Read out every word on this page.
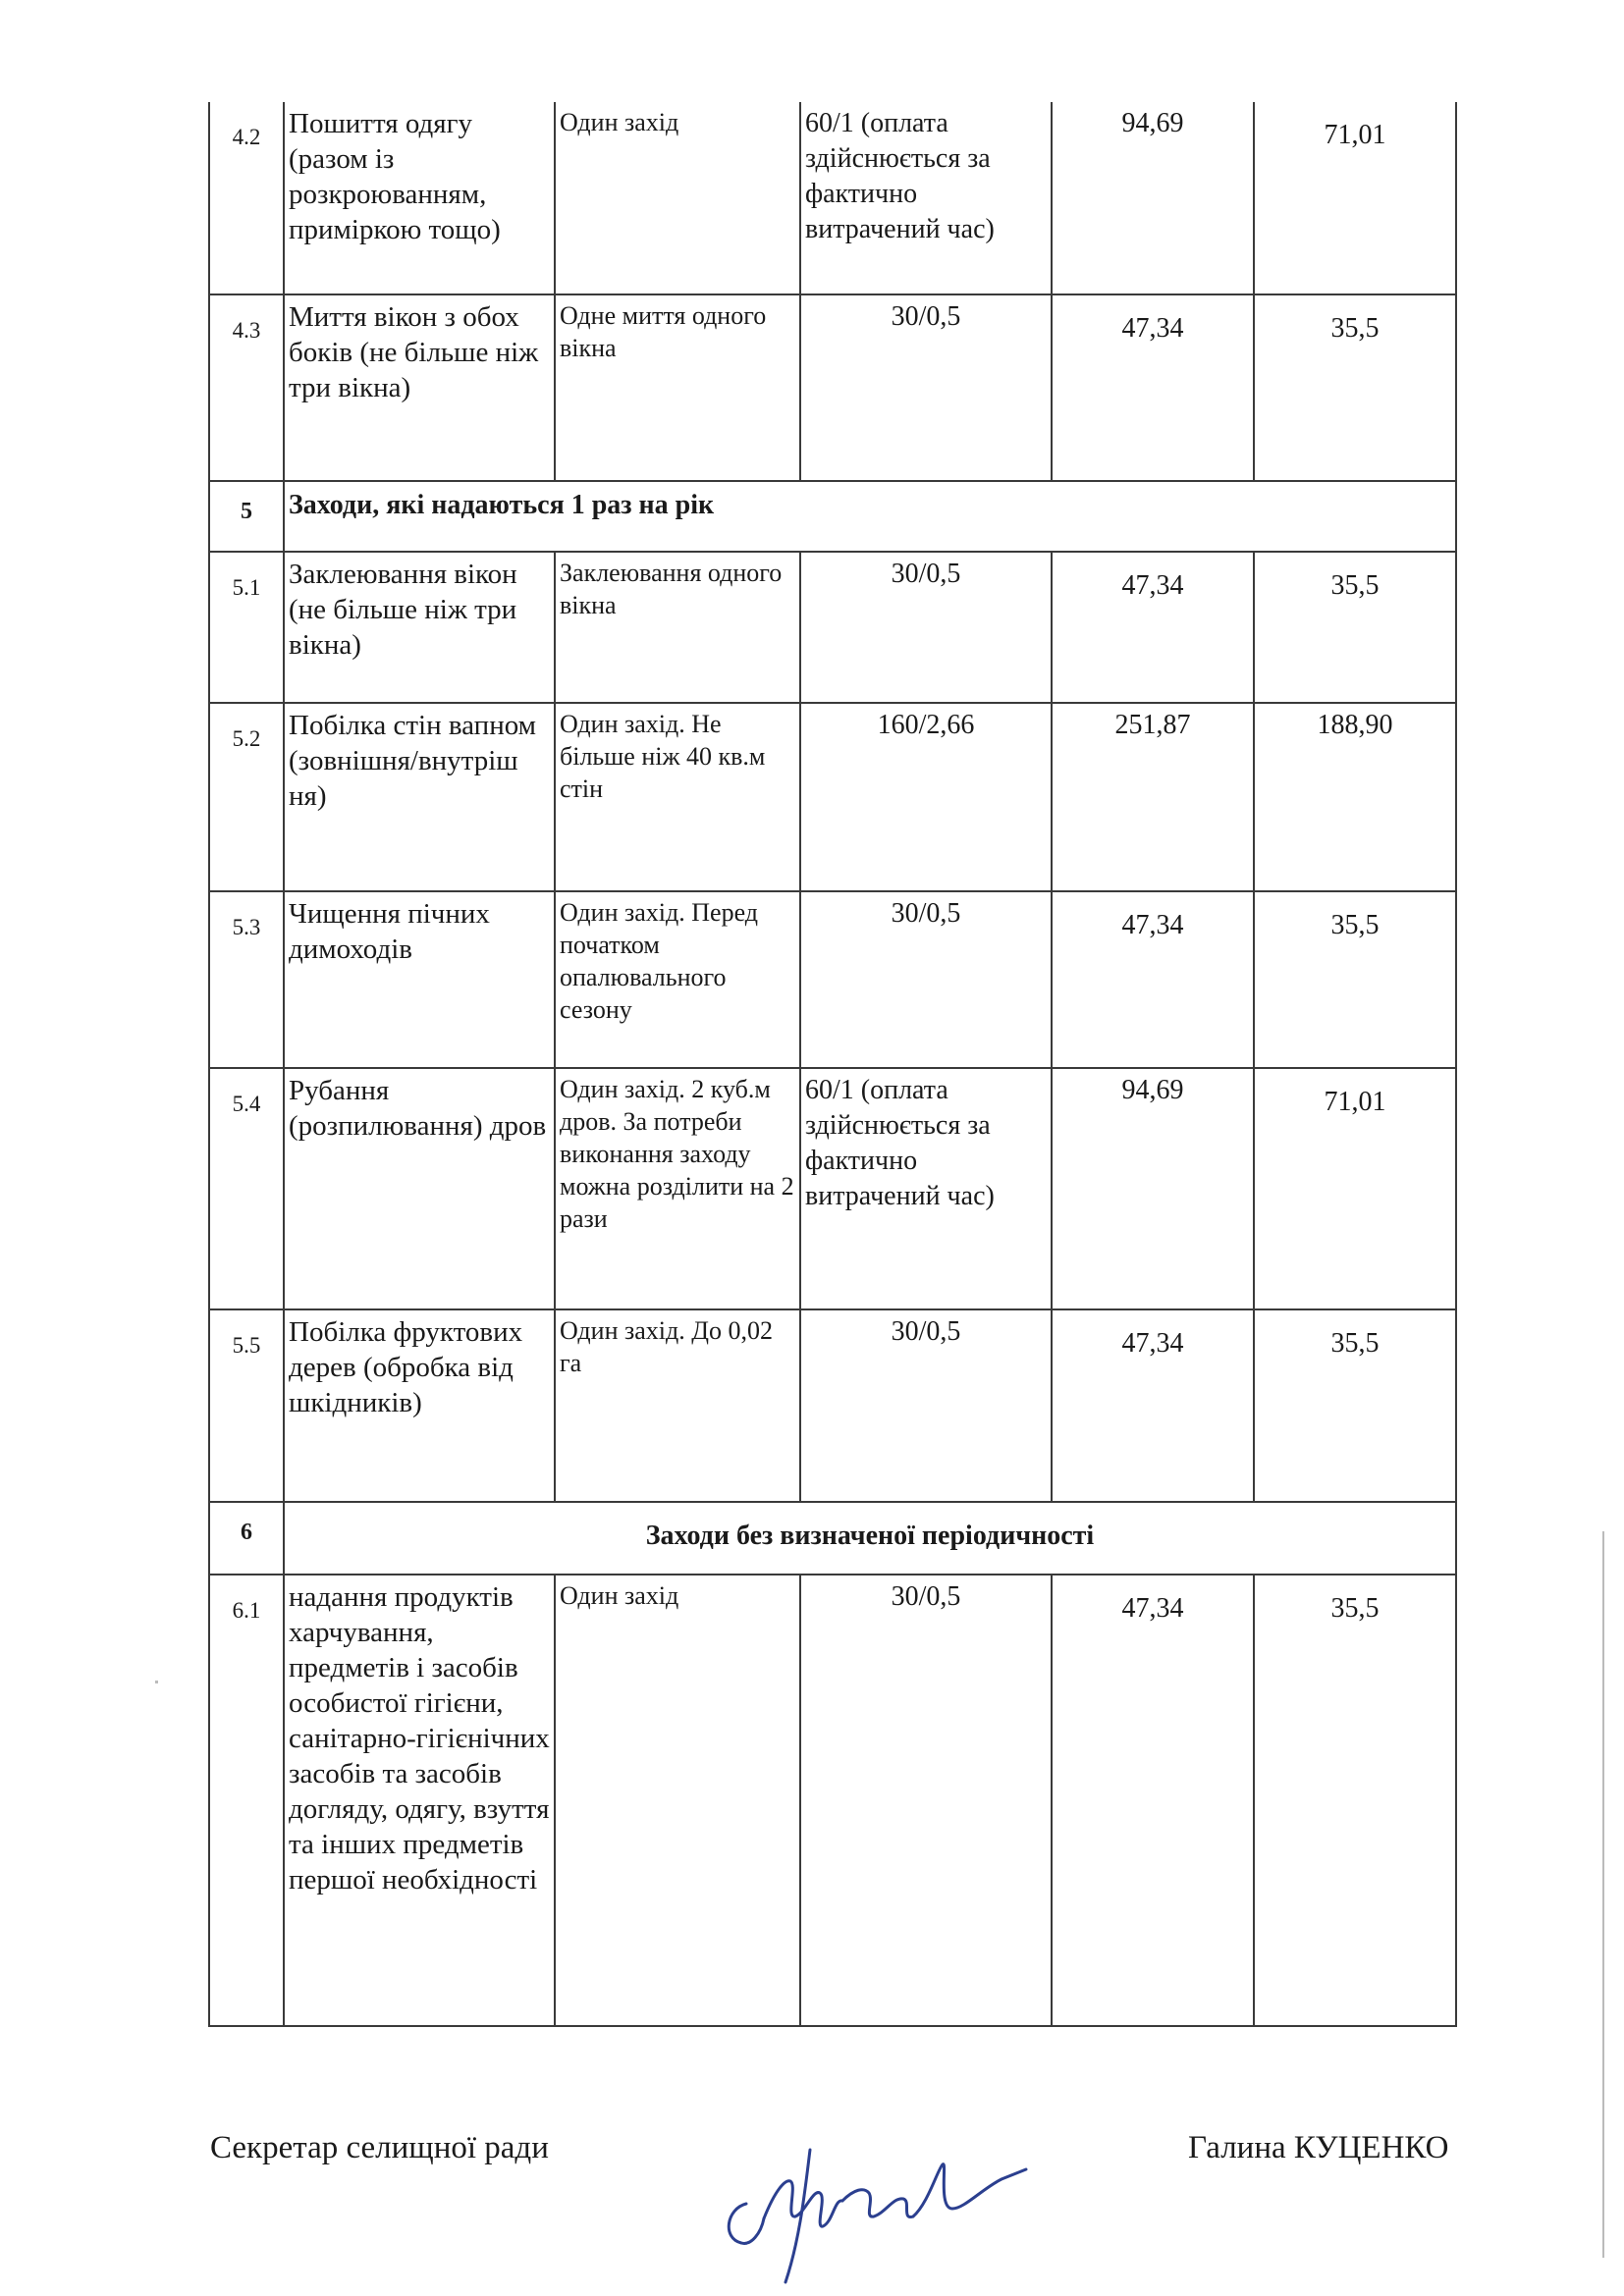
4.2	Пошиття одягу (разом із розкроюванням, приміркою тощо)	Один захід	60/1 (оплата здійснюється за фактично витрачений час)	94,69	71,01
4.3	Миття вікон з обох боків (не більше ніж три вікна)	Одне миття одного вікна	30/0,5	47,34	35,5
5	Заходи, які надаються 1 раз на рік				
5.1	Заклеювання вікон (не більше ніж три вікна)	Заклеювання одного вікна	30/0,5	47,34	35,5
5.2	Побілка стін вапном (зовнішня/внутріш ня)	Один захід. Не більше ніж 40 кв.м стін	160/2,66	251,87	188,90
5.3	Чищення пічних димоходів	Один захід. Перед початком опалювального сезону	30/0,5	47,34	35,5
5.4	Рубання (розпилювання) дров	Один захід. 2 куб.м дров. За потреби виконання заходу можна розділити на 2 рази	60/1 (оплата здійснюється за фактично витрачений час)	94,69	71,01
5.5	Побілка фруктових дерев (обробка від шкідників)	Один захід. До 0,02 га	30/0,5	47,34	35,5
6	Заходи без визначеної періодичності				
6.1	надання продуктів харчування, предметів і засобів особистої гігієни, санітарно-гігієнічних засобів та засобів догляду, одягу, взуття та інших предметів першої необхідності	Один захід	30/0,5	47,34	35,5
Секретар селищної ради	Галина КУЦЕНКО
